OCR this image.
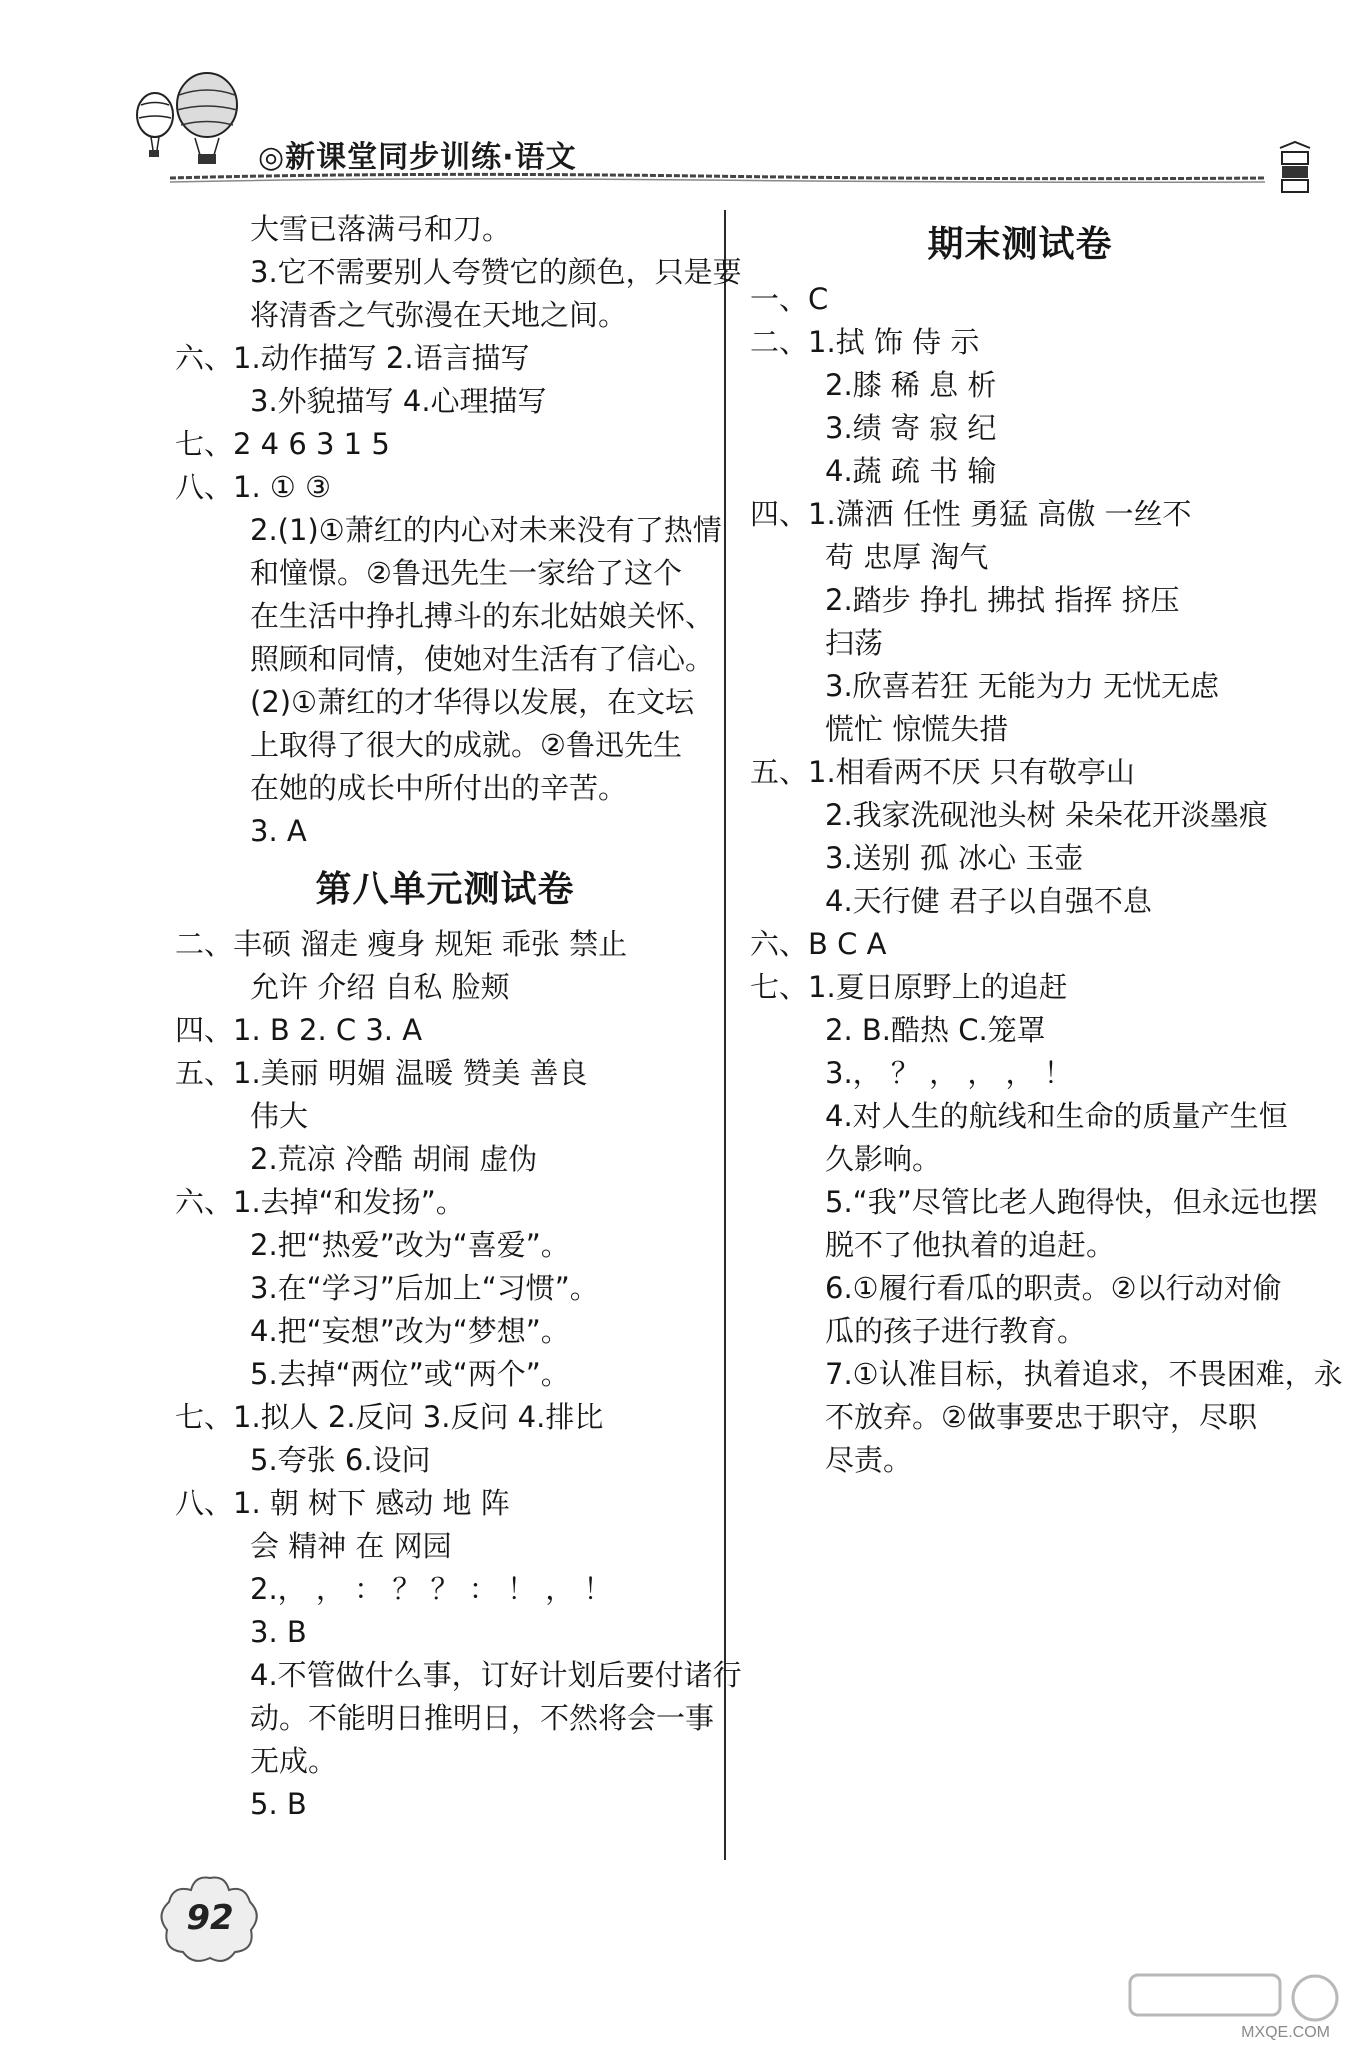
◎新课堂同步训练·语文
大雪已落满弓和刀。
3.它不需要别人夸赞它的颜色，只是要
将清香之气弥漫在天地之间。
六、1.动作描写 2.语言描写
3.外貌描写 4.心理描写
七、2 4 6 3 1 5
八、1. ① ③
2.(1)①萧红的内心对未来没有了热情
和憧憬。②鲁迅先生一家给了这个
在生活中挣扎搏斗的东北姑娘关怀、
照顾和同情，使她对生活有了信心。
(2)①萧红的才华得以发展，在文坛
上取得了很大的成就。②鲁迅先生
在她的成长中所付出的辛苦。
3. A
第八单元测试卷
二、丰硕 溜走 瘦身 规矩 乖张 禁止
允许 介绍 自私 脸颊
四、1. B 2. C 3. A
五、1.美丽 明媚 温暖 赞美 善良
伟大
2.荒凉 冷酷 胡闹 虚伪
六、1.去掉“和发扬”。
2.把“热爱”改为“喜爱”。
3.在“学习”后加上“习惯”。
4.把“妄想”改为“梦想”。
5.去掉“两位”或“两个”。
七、1.拟人 2.反问 3.反问 4.排比
5.夸张 6.设问
八、1. 朝 树下 感动 地 阵
会 精神 在 网园
2.， ， ： ？ ？ ： ！ ， ！
3. B
4.不管做什么事，订好计划后要付诸行
动。不能明日推明日，不然将会一事
无成。
5. B
期末测试卷
一、C
二、1.拭 饰 侍 示
2.膝 稀 息 析
3.绩 寄 寂 纪
4.蔬 疏 书 输
四、1.潇洒 任性 勇猛 高傲 一丝不
苟 忠厚 淘气
2.踏步 挣扎 拂拭 指挥 挤压
扫荡
3.欣喜若狂 无能为力 无忧无虑
慌忙 惊慌失措
五、1.相看两不厌 只有敬亭山
2.我家洗砚池头树 朵朵花开淡墨痕
3.送别 孤 冰心 玉壶
4.天行健 君子以自强不息
六、B C A
七、1.夏日原野上的追赶
2. B.酷热 C.笼罩
3.， ？ ， ， ， ！
4.对人生的航线和生命的质量产生恒
久影响。
5.“我”尽管比老人跑得快，但永远也摆
脱不了他执着的追赶。
6.①履行看瓜的职责。②以行动对偷
瓜的孩子进行教育。
7.①认准目标，执着追求，不畏困难，永
不放弃。②做事要忠于职守，尽职
尽责。
92
MXQE.COM
